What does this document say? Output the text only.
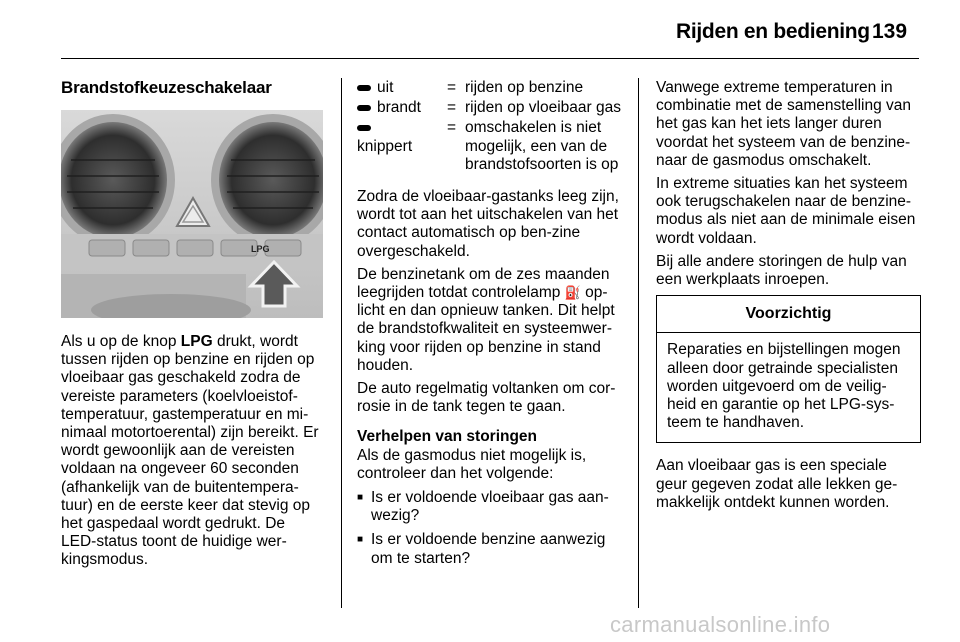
Rijden en bediening 139
Brandstofkeuzeschakelaar
LPG

Als u op de knop LPG drukt, wordt
tussen rijden op benzine en rijden op
vloeibaar gas geschakeld zodra de
vereiste parameters (koelvloeistof-
temperatuur, gastemperatuur en mi-
nimaal motortoerental) zijn bereikt. Er
wordt gewoonlijk aan de vereisten
voldaan na ongeveer 60 seconden
(afhankelijk van de buitentempera-
tuur) en de eerste keer dat stevig op
het gaspedaal wordt gedrukt. De
LED-status toont de huidige wer-
kingsmodus.

uit	= rijden op benzine
brandt	= rijden op vloeibaar gas

knippert
= omschakelen is niet mogelijk, een van de brandstofsoorten is op

Zodra de vloeibaar-gastanks leeg zijn, wordt tot aan het uitschakelen van het contact automatisch op ben-zine overgeschakeld.

De benzinetank om de zes maanden leegrijden totdat controlelamp ⛽ op-licht en dan opnieuw tanken. Dit helpt de brandstofkwaliteit en systeemwer-king voor rijden op benzine in stand houden.

De auto regelmatig voltanken om cor-rosie in de tank tegen te gaan.

Verhelpen van storingen
Als de gasmodus niet mogelijk is, controleer dan het volgende:

■ Is er voldoende vloeibaar gas aan-wezig?
■ Is er voldoende benzine aanwezig om te starten?

Vanwege extreme temperaturen in combinatie met de samenstelling van het gas kan het iets langer duren voordat het systeem van de benzine-naar de gasmodus omschakelt.

In extreme situaties kan het systeem ook terugschakelen naar de benzine-modus als niet aan de minimale eisen wordt voldaan.

Bij alle andere storingen de hulp van een werkplaats inroepen.

Voorzichtig
Reparaties en bijstellingen mogen alleen door getrainde specialisten worden uitgevoerd om de veilig-heid en garantie op het LPG-sys-teem te handhaven.

Aan vloeibaar gas is een speciale geur gegeven zodat alle lekken ge-makkelijk ontdekt kunnen worden.

carmanualsonline.info
